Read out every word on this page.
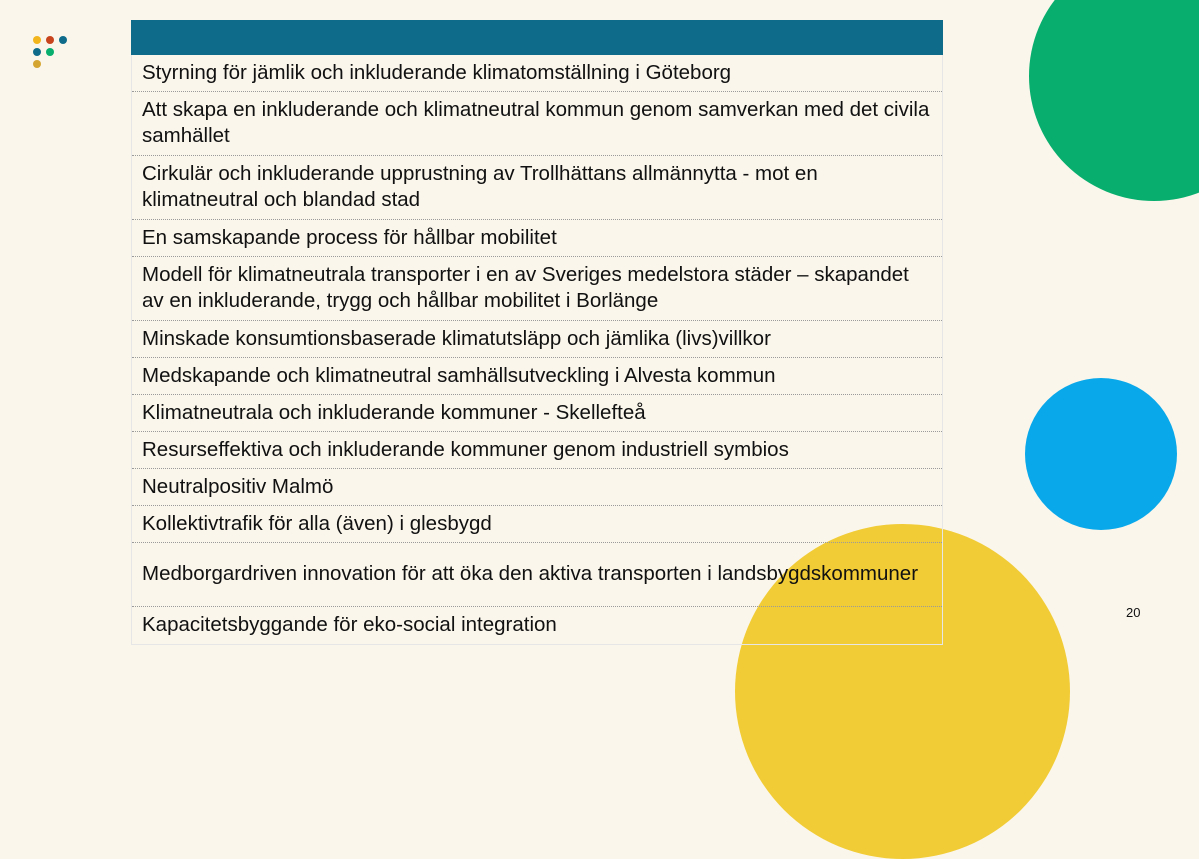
Styrning för jämlik och inkluderande klimatomställning i Göteborg
Att skapa en inkluderande och klimatneutral kommun genom samverkan med det civila samhället
Cirkulär och inkluderande upprustning av Trollhättans allmännytta - mot en klimatneutral och blandad stad
En samskapande process för hållbar mobilitet
Modell för klimatneutrala transporter i en av Sveriges medelstora städer – skapandet av en inkluderande, trygg och hållbar mobilitet i Borlänge
Minskade konsumtionsbaserade klimatutsläpp och jämlika (livs)villkor
Medskapande och klimatneutral samhällsutveckling i Alvesta kommun
Klimatneutrala och inkluderande kommuner - Skellefteå
Resurseffektiva och inkluderande kommuner genom industriell symbios
Neutralpositiv Malmö
Kollektivtrafik för alla (även) i glesbygd
Medborgardriven innovation för att öka den aktiva transporten i landsbygdskommuner
Kapacitetsbyggande för eko-social integration
20
